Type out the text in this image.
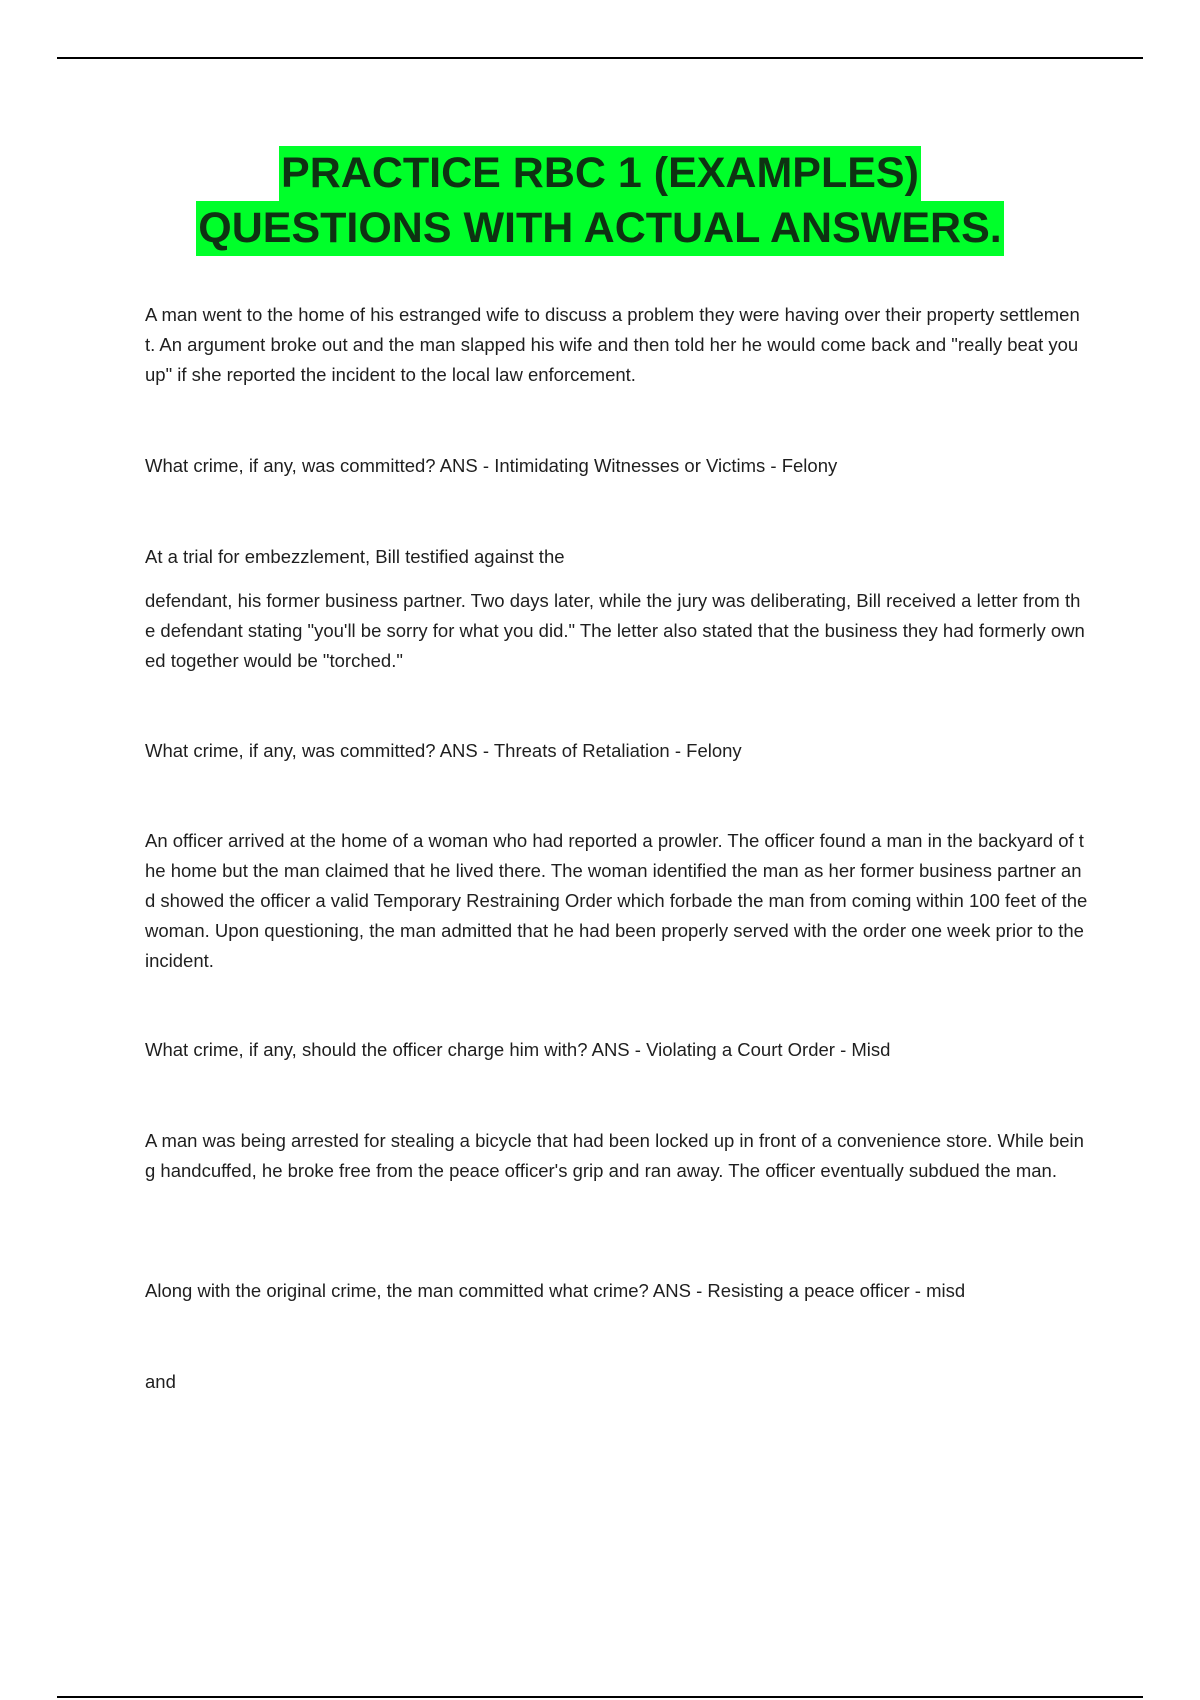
PRACTICE RBC 1 (EXAMPLES)
QUESTIONS WITH ACTUAL ANSWERS.

A man went to the home of his estranged wife to discuss a problem they were having over their property settlement. An argument broke out and the man slapped his wife and then told her he would come back and "really beat you up" if she reported the incident to the local law enforcement.

What crime, if any, was committed? ANS - Intimidating Witnesses or Victims - Felony

At a trial for embezzlement, Bill testified against the

defendant, his former business partner. Two days later, while the jury was deliberating, Bill received a letter from the defendant stating "you'll be sorry for what you did." The letter also stated that the business they had formerly owned together would be "torched."

What crime, if any, was committed? ANS - Threats of Retaliation - Felony

An officer arrived at the home of a woman who had reported a prowler. The officer found a man in the backyard of the home but the man claimed that he lived there. The woman identified the man as her former business partner and showed the officer a valid Temporary Restraining Order which forbade the man from coming within 100 feet of the woman. Upon questioning, the man admitted that he had been properly served with the order one week prior to the incident.

What crime, if any, should the officer charge him with? ANS - Violating a Court Order - Misd

A man was being arrested for stealing a bicycle that had been locked up in front of a convenience store. While being handcuffed, he broke free from the peace officer's grip and ran away. The officer eventually subdued the man.

Along with the original crime, the man committed what crime? ANS - Resisting a peace officer - misd

and
